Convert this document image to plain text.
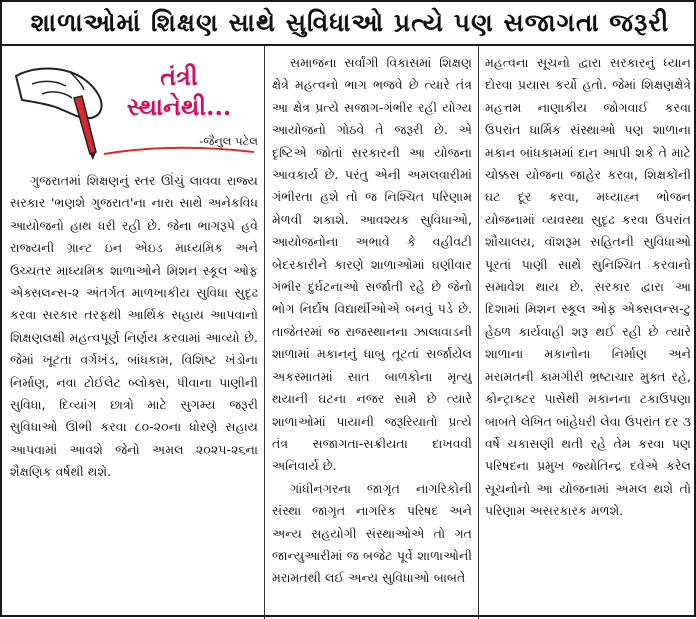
શાળાઓમાં શિક્ષણ સાથે સુવિધાઓ પ્રત્યે પણ સજાગતા જરૂરી
તંત્રી
સ્થાનેથી...
-જૈનુલ પટેલ

ગુજરાતમાં શિક્ષણનું સ્તર ઊંચું લાવવા રાજ્ય સરકાર 'ભણશે ગુજરાત'ના નારા સાથે અનેકવિધ આયોજનો હાથ ધરી રહી છે. જેના ભાગરૂપે હવે રાજ્યની ગ્રાન્ટ ઇન એઇડ માધ્યમિક અને ઉચ્ચતર માધ્યમિક શાળાઓને મિશન સ્કૂલ ઓફ એક્સલન્સ-૨ અંતર્ગત માળખાકીય સુવિધા સુદૃઢ કરવા સરકાર તરફથી આર્થિક સહાય આપવાનો શિક્ષણલક્ષી મહત્વપૂર્ણ નિર્ણય કરવામાં આવ્યો છે. જેમાં ખૂટતા વર્ગખંડ, બાંધકામ, વિશિષ્ટ ખંડોના નિર્માણ, નવા ટોઈલેટ બ્લોક્સ, પીવાના પાણીની સુવિધા, દિવ્યાંગ છાત્રો માટે સુગમ્ય જરૂરી સુવિધાઓ ઊભી કરવા ૮૦-૨૦ના ધોરણે સહાય આપવામાં આવશે જેનો અમલ ૨૦૨૫-૨૬ના શૈક્ષણિક વર્ષથી થશે.

સમાજના સર્વાંગી વિકાસમાં શિક્ષણ ક્ષેત્રે મહત્વનો ભાગ ભજવે છે ત્યારે તંત્ર આ ક્ષેત્ર પ્રત્યે સજાગ-ગંભીર રહી યોગ્ય આયોજનો ગોઠવે તે જરૂરી છે. એ દૃષ્ટિએ જોતાં સરકારની આ યોજના આવકાર્ય છે. પરંતુ એની અમલવારીમાં ગંભીરતા હશે તો જ નિશ્ચિત પરિણામ મેળવી શકાશે. આવશ્યક સુવિધાઓ, આયોજનોના અભાવે કે વહીવટી બેદરકારીને કારણે શાળાઓમાં ઘણીવાર ગંભીર દુર્ઘટનાઓ સર્જાતી રહે છે જેનો ભોગ નિર્દોષ વિદ્યાર્થીઓએ બનવું પડે છે. તાજેતરમાં જ રાજસ્થાનના ઝાલાવાડની શાળામાં મકાનનું ધાબુ તૂટતાં સર્જાયેલ અકસ્માતમાં સાત બાળકોના મૃત્યુ થયાની ઘટના નજર સામે છે ત્યારે શાળાઓમાં પાયાની જરૂરિયાતો પ્રત્યે તંત્ર સજાગતા-સક્રીયતા દાખવવી અનિવાર્ય છે.

ગાંધીનગરના જાગૃત નાગરિકોની સંસ્થા જાગૃત નાગરિક પરિષદ અને અન્ય સહયોગી સંસ્થાઓએ તો ગત જાન્યુઆરીમાં જ બજેટ પૂર્વે શાળાઓની મરામતથી લઈ અન્ય સુવિધાઓ બાબતે

મહત્વના સૂચનો દ્વારા સરકારનું ધ્યાન દોરવા પ્રયાસ કર્યો હતો. જેમાં શિક્ષણક્ષેત્રે મહત્તમ નાણાકીય જોગવાઈ કરવા ઉપરાંત ધાર્મિક સંસ્થાઓ પણ શાળાના મકાન બાંધકામમાં દાન આપી શકે તે માટે ચોક્કસ યોજના જાહેર કરવા, શિક્ષકોની ઘટ દૂર કરવા, મધ્યાહ્ન ભોજન યોજનામાં વ્યવસ્થા સુદૃઢ કરવા ઉપરાંત શૌચાલય, વૉશરૂમ સહિતની સુવિધાઓ પૂરતાં પાણી સાથે સુનિશ્ચિત કરવાનો સમાવેશ થાય છે. સરકાર દ્વારા આ દિશામાં મિશન સ્કૂલ ઓફ એક્સલન્સ-ટુ હેઠળ કાર્યવાહી શરૂ થઈ રહી છે ત્યારે શાળાના મકાનોના નિર્માણ અને મરામતની કામગીરી ભ્રષ્ટાચાર મુક્ત રહે, કોન્ટ્રાક્ટર પાસેથી મકાનના ટકાઉપણા બાબતે લેખિત બાંહેધરી લેવા ઉપરાંત દર ૩ વર્ષે ચકાસણી થતી રહે તેમ કરવા પણ પરિષદના પ્રમુખ જ્યોતિન્દ્ર દવેએ કરેલ સૂચનોનો આ યોજનામાં અમલ થશે તો પરિણામ અસરકારક મળશે.
